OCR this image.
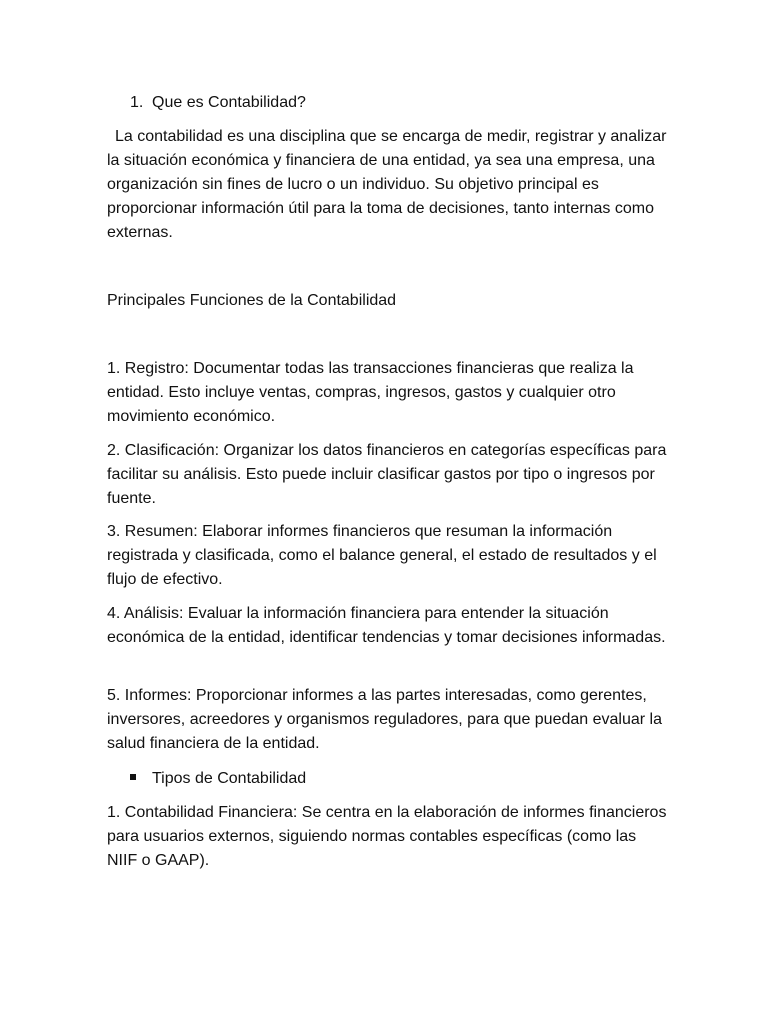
1. Que es Contabilidad?

La contabilidad es una disciplina que se encarga de medir, registrar y analizar la situación económica y financiera de una entidad, ya sea una empresa, una organización sin fines de lucro o un individuo. Su objetivo principal es proporcionar información útil para la toma de decisiones, tanto internas como externas.

Principales Funciones de la Contabilidad

1. Registro: Documentar todas las transacciones financieras que realiza la entidad. Esto incluye ventas, compras, ingresos, gastos y cualquier otro movimiento económico.

2. Clasificación: Organizar los datos financieros en categorías específicas para facilitar su análisis. Esto puede incluir clasificar gastos por tipo o ingresos por fuente.

3. Resumen: Elaborar informes financieros que resuman la información registrada y clasificada, como el balance general, el estado de resultados y el flujo de efectivo.

4. Análisis: Evaluar la información financiera para entender la situación económica de la entidad, identificar tendencias y tomar decisiones informadas.

5. Informes: Proporcionar informes a las partes interesadas, como gerentes, inversores, acreedores y organismos reguladores, para que puedan evaluar la salud financiera de la entidad.

Tipos de Contabilidad

1. Contabilidad Financiera: Se centra en la elaboración de informes financieros para usuarios externos, siguiendo normas contables específicas (como las NIIF o GAAP).
